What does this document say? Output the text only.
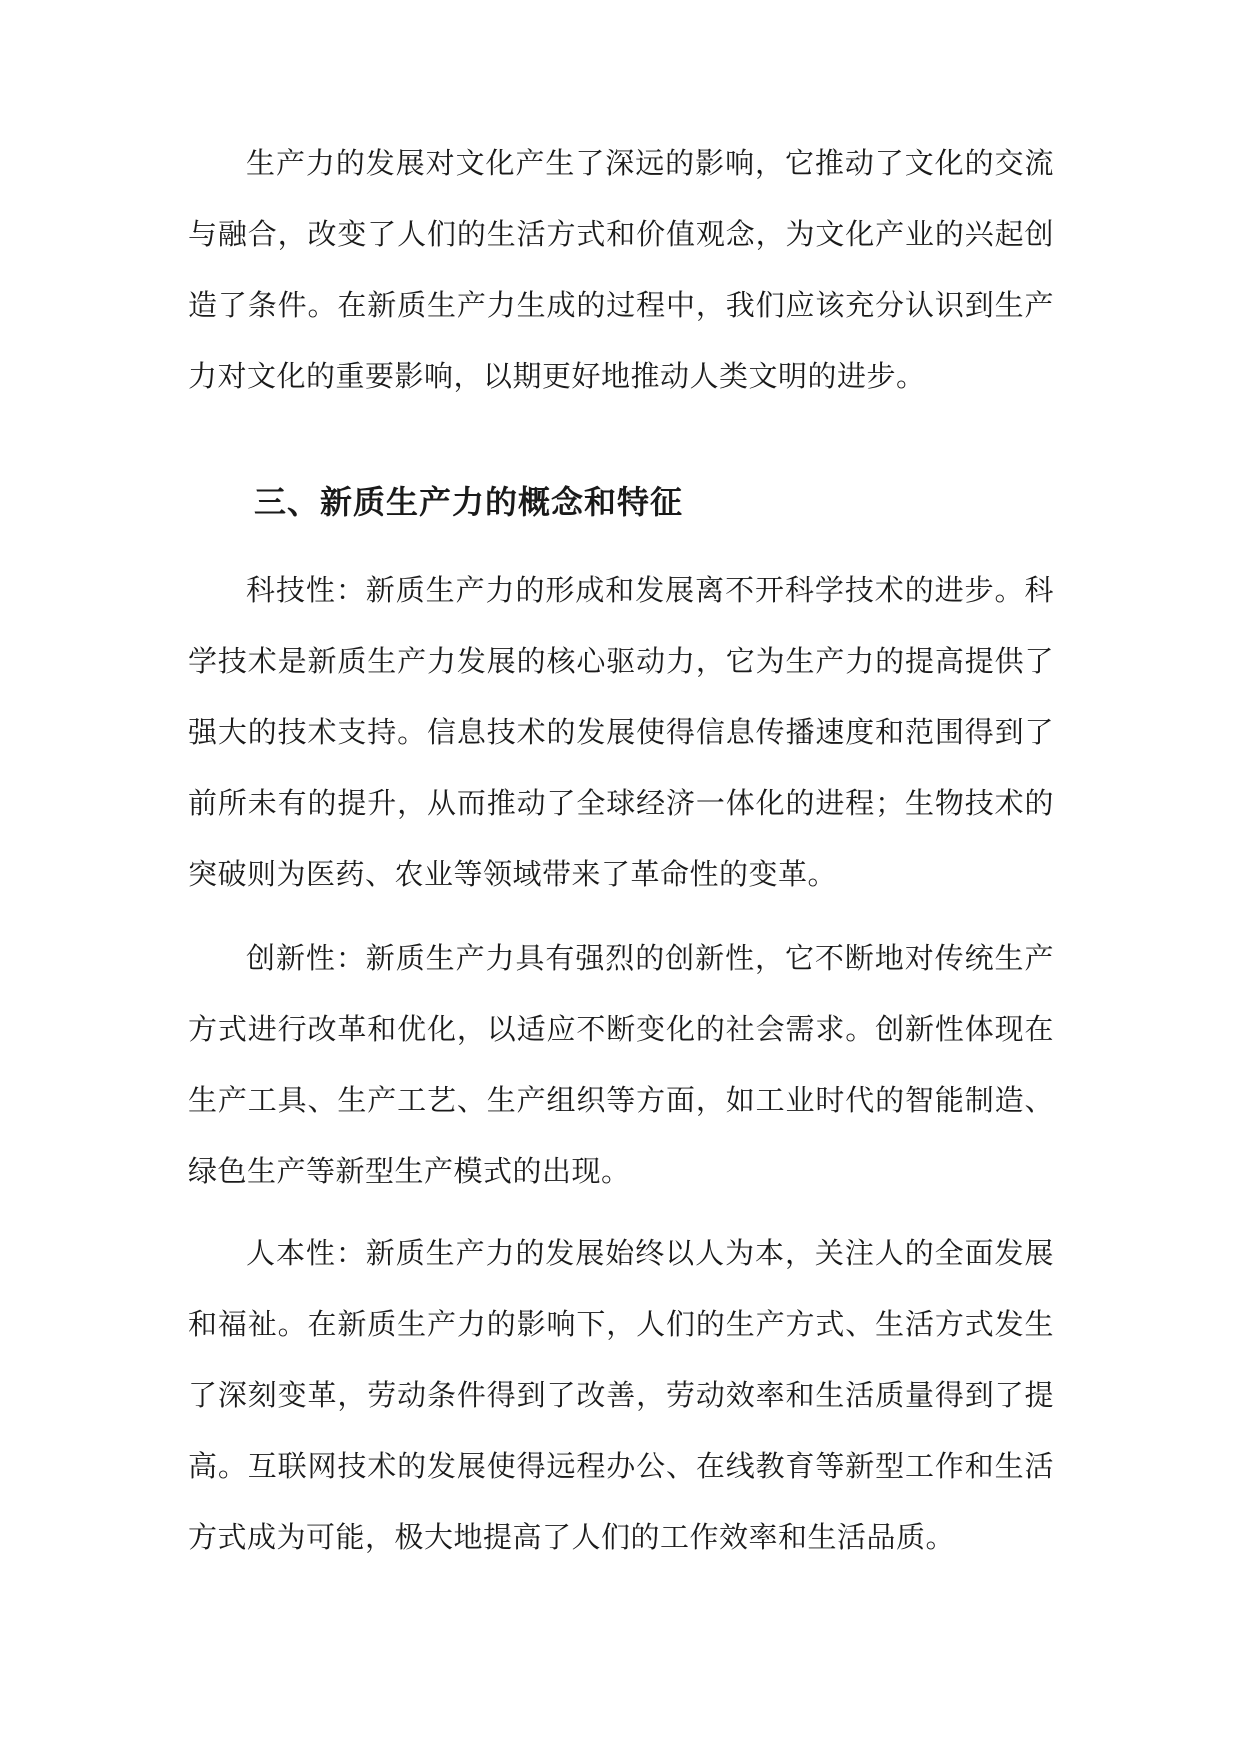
生产力的发展对文化产生了深远的影响，它推动了文化的交流与融合，改变了人们的生活方式和价值观念，为文化产业的兴起创造了条件。在新质生产力生成的过程中，我们应该充分认识到生产力对文化的重要影响，以期更好地推动人类文明的进步。

三、新质生产力的概念和特征

科技性：新质生产力的形成和发展离不开科学技术的进步。科学技术是新质生产力发展的核心驱动力，它为生产力的提高提供了强大的技术支持。信息技术的发展使得信息传播速度和范围得到了前所未有的提升，从而推动了全球经济一体化的进程；生物技术的突破则为医药、农业等领域带来了革命性的变革。

创新性：新质生产力具有强烈的创新性，它不断地对传统生产方式进行改革和优化，以适应不断变化的社会需求。创新性体现在生产工具、生产工艺、生产组织等方面，如工业时代的智能制造、绿色生产等新型生产模式的出现。

人本性：新质生产力的发展始终以人为本，关注人的全面发展和福祉。在新质生产力的影响下，人们的生产方式、生活方式发生了深刻变革，劳动条件得到了改善，劳动效率和生活质量得到了提高。互联网技术的发展使得远程办公、在线教育等新型工作和生活方式成为可能，极大地提高了人们的工作效率和生活品质。
